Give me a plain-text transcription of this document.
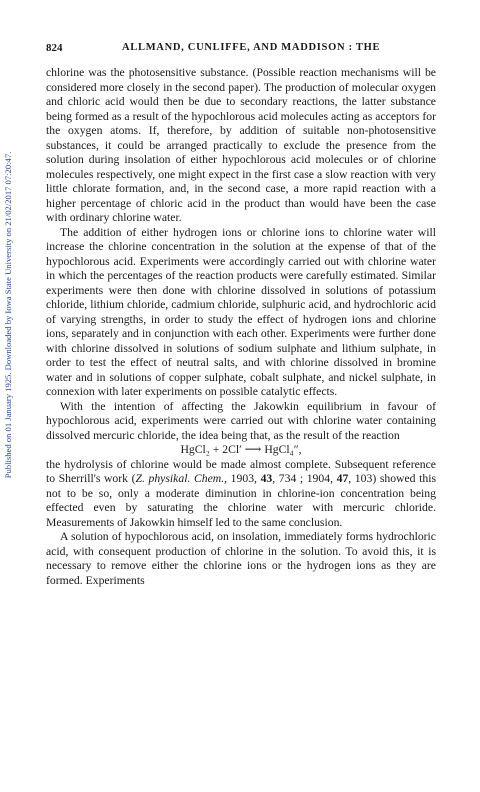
Published on 01 January 1925. Downloaded by Iowa State University on 21/02/2017 07:20:47.
824	ALLMAND, CUNLIFFE, AND MADDISON : THE

chlorine was the photosensitive substance. (Possible reaction mechanisms will be considered more closely in the second paper). The production of molecular oxygen and chloric acid would then be due to secondary reactions, the latter substance being formed as a result of the hypochlorous acid molecules acting as acceptors for the oxygen atoms. If, therefore, by addition of suitable non-photosensitive substances, it could be arranged practically to exclude the presence from the solution during insolation of either hypochlorous acid molecules or of chlorine molecules respectively, one might expect in the first case a slow reaction with very little chlorate formation, and, in the second case, a more rapid reaction with a higher percentage of chloric acid in the product than would have been the case with ordinary chlorine water.

The addition of either hydrogen ions or chlorine ions to chlorine water will increase the chlorine concentration in the solution at the expense of that of the hypochlorous acid. Experiments were accordingly carried out with chlorine water in which the percentages of the reaction products were carefully estimated. Similar experiments were then done with chlorine dissolved in solutions of potassium chloride, lithium chloride, cadmium chloride, sulphuric acid, and hydrochloric acid of varying strengths, in order to study the effect of hydrogen ions and chlorine ions, separately and in conjunction with each other. Experiments were further done with chlorine dissolved in solutions of sodium sulphate and lithium sulphate, in order to test the effect of neutral salts, and with chlorine dissolved in bromine water and in solutions of copper sulphate, cobalt sulphate, and nickel sulphate, in connexion with later experiments on possible catalytic effects.

With the intention of affecting the Jakowkin equilibrium in favour of hypochlorous acid, experiments were carried out with chlorine water containing dissolved mercuric chloride, the idea being that, as the result of the reaction

HgCl₂ + 2Cl′ ⟶ HgCl₄″,

the hydrolysis of chlorine would be made almost complete. Subsequent reference to Sherrill's work (Z. physikal. Chem., 1903, 43, 734 ; 1904, 47, 103) showed this not to be so, only a moderate diminution in chlorine-ion concentration being effected even by saturating the chlorine water with mercuric chloride. Measurements of Jakowkin himself led to the same conclusion.

A solution of hypochlorous acid, on insolation, immediately forms hydrochloric acid, with consequent production of chlorine in the solution. To avoid this, it is necessary to remove either the chlorine ions or the hydrogen ions as they are formed. Experiments
